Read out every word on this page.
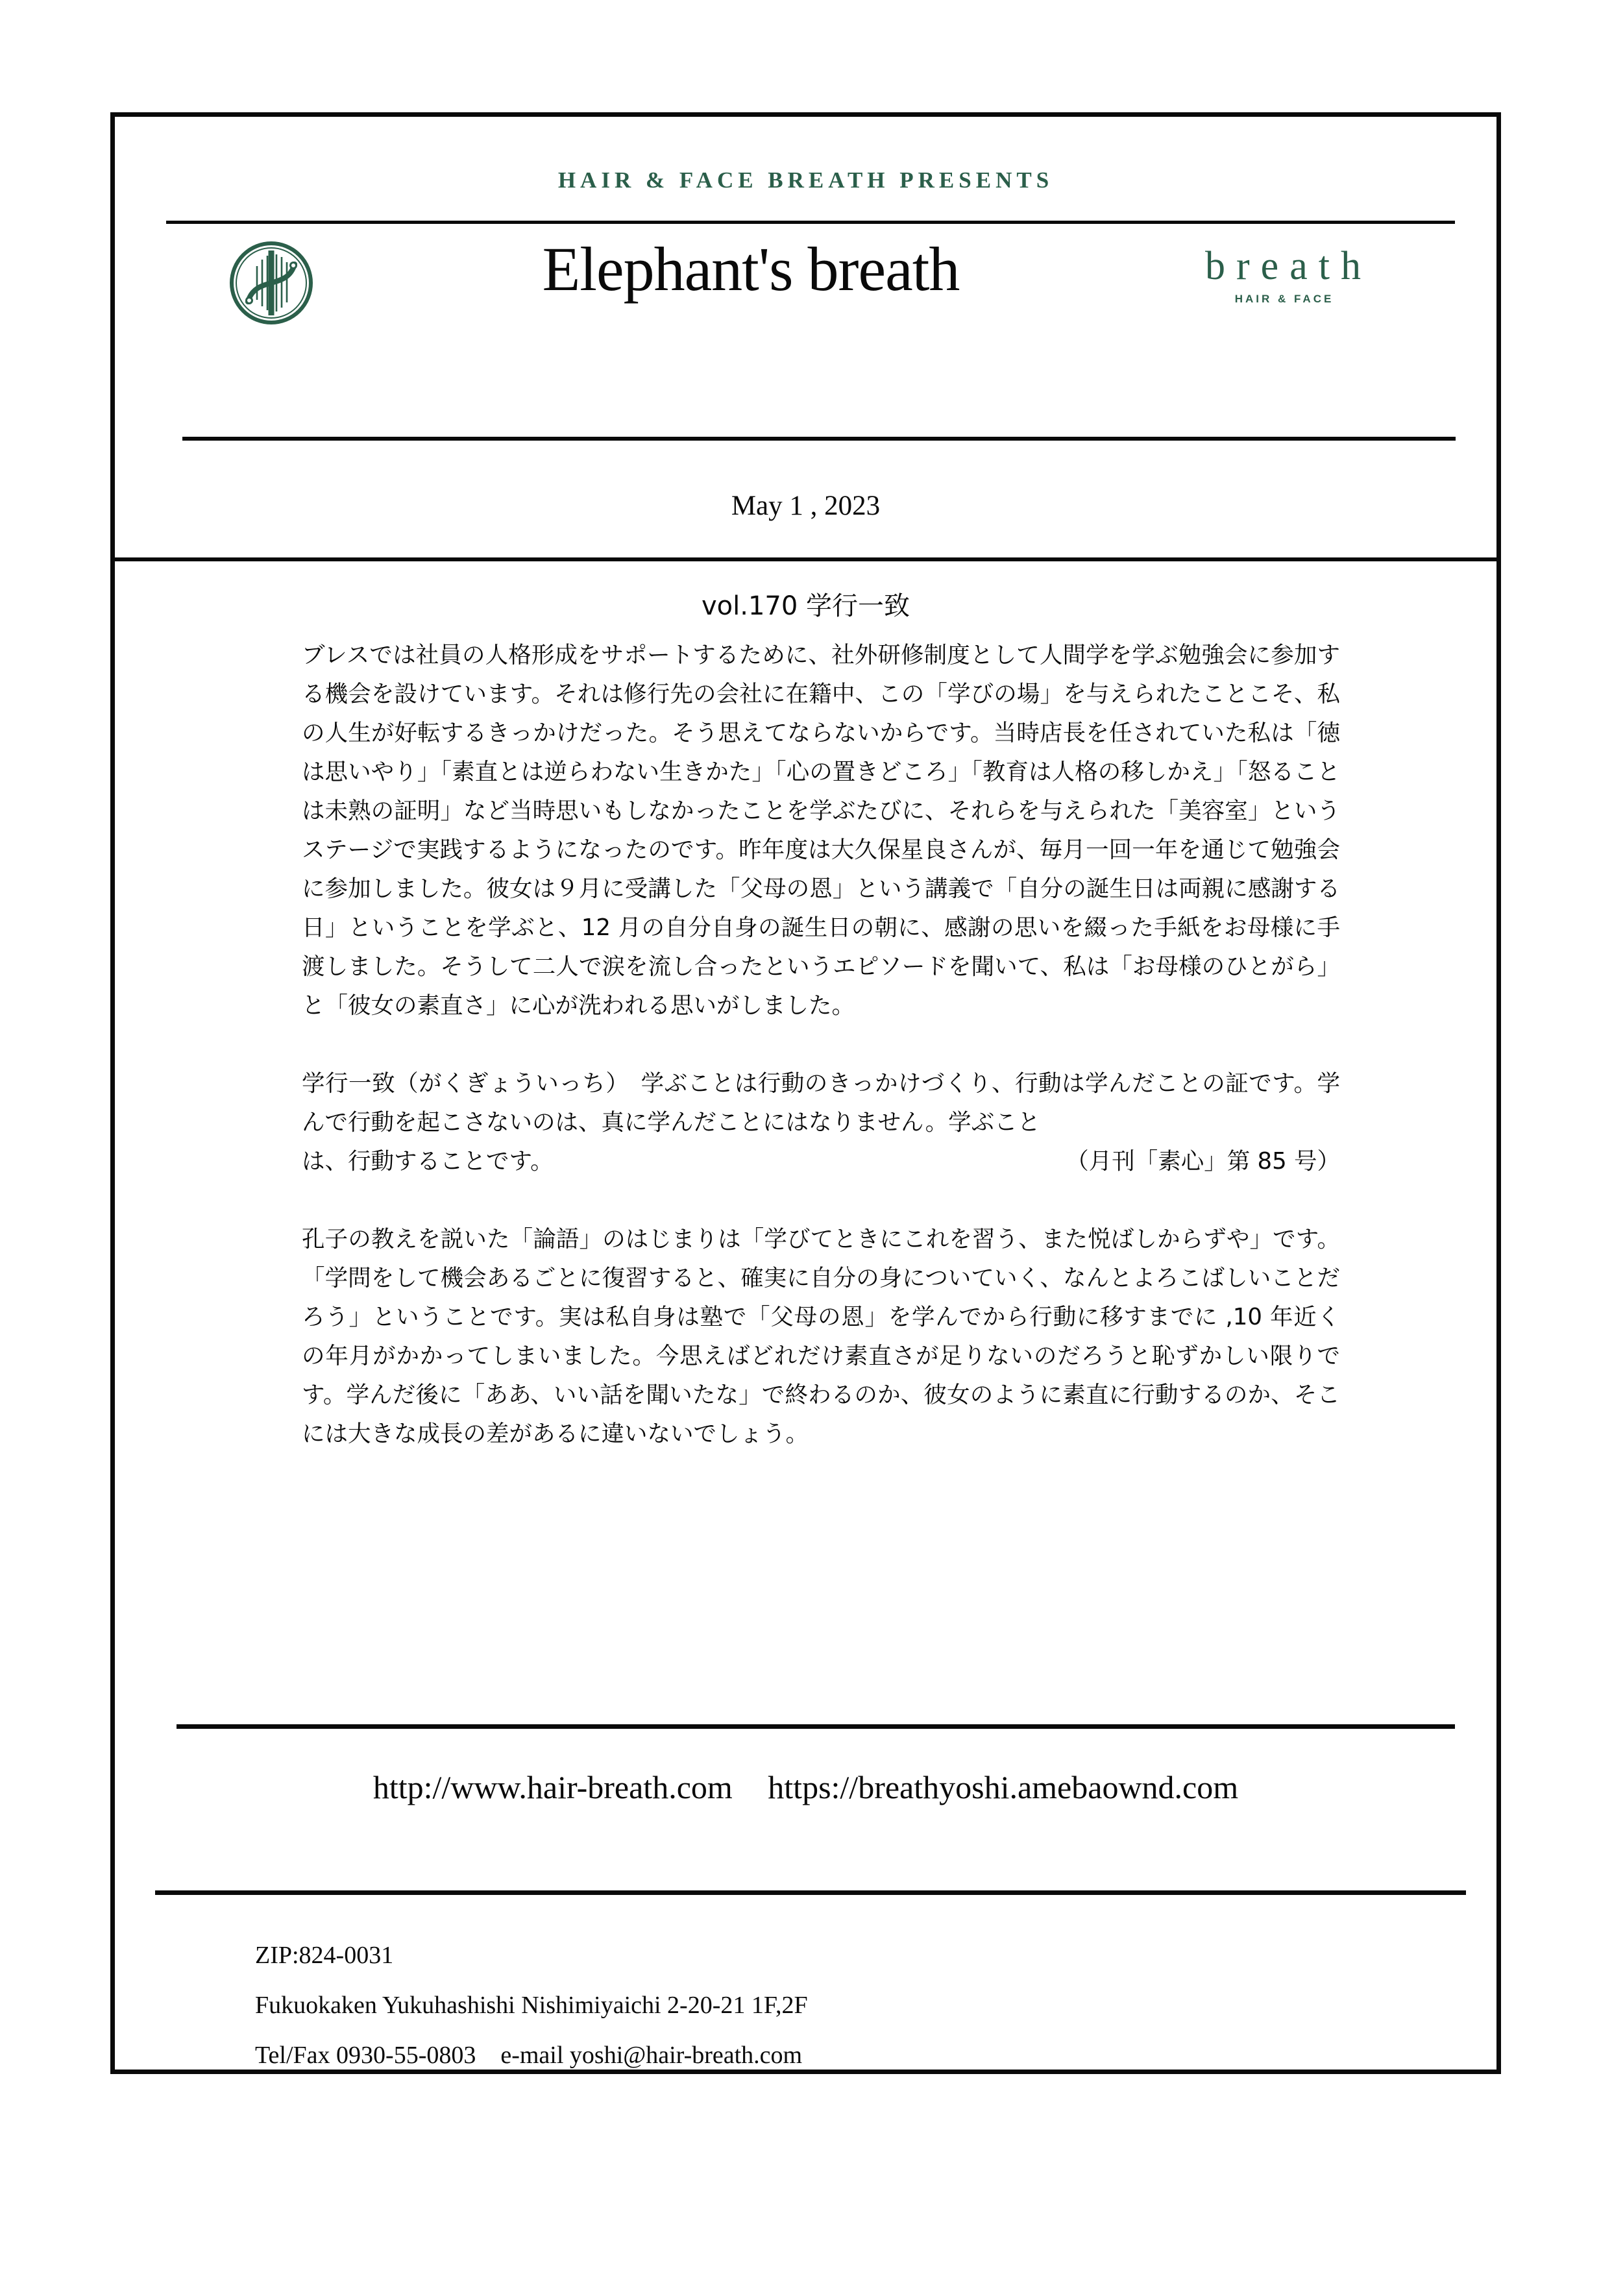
HAIR & FACE BREATH PRESENTS
Elephant's breath	breath
HAIR & FACE
May 1 , 2023
vol.170 学行一致

ブレスでは社員の人格形成をサポートするために、社外研修制度として人間学を学ぶ勉強会に参加する機会を設けています。それは修行先の会社に在籍中、この「学びの場」を与えられたことこそ、私の人生が好転するきっかけだった。そう思えてならないからです。当時店長を任されていた私は「徳は思いやり」「素直とは逆らわない生きかた」「心の置きどころ」「教育は人格の移しかえ」「怒ることは未熟の証明」など当時思いもしなかったことを学ぶたびに、それらを与えられた「美容室」というステージで実践するようになったのです。昨年度は大久保星良さんが、毎月一回一年を通じて勉強会に参加しました。彼女は９月に受講した「父母の恩」という講義で「自分の誕生日は両親に感謝する日」ということを学ぶと、12 月の自分自身の誕生日の朝に、感謝の思いを綴った手紙をお母様に手渡しました。そうして二人で涙を流し合ったというエピソードを聞いて、私は「お母様のひとがら」と「彼女の素直さ」に心が洗われる思いがしました。

学行一致（がくぎょういっち）　学ぶことは行動のきっかけづくり、行動は学んだことの証です。学んで行動を起こさないのは、真に学んだことにはなりません。学ぶこと
は、行動することです。	（月刊「素心」第 85 号）

孔子の教えを説いた「論語」のはじまりは「学びてときにこれを習う、また悦ばしからずや」です。「学問をして機会あるごとに復習すると、確実に自分の身についていく、なんとよろこばしいことだろう」ということです。実は私自身は塾で「父母の恩」を学んでから行動に移すまでに ,10 年近くの年月がかかってしまいました。今思えばどれだけ素直さが足りないのだろうと恥ずかしい限りです。学んだ後に「ああ、いい話を聞いたな」で終わるのか、彼女のように素直に行動するのか、そこには大きな成長の差があるに違いないでしょう。

http://www.hair-breath.com https://breathyoshi.amebaownd.com
ZIP:824-0031
Fukuokaken Yukuhashishi Nishimiyaichi 2-20-21 1F,2F
Tel/Fax 0930-55-0803　e-mail yoshi@hair-breath.com
